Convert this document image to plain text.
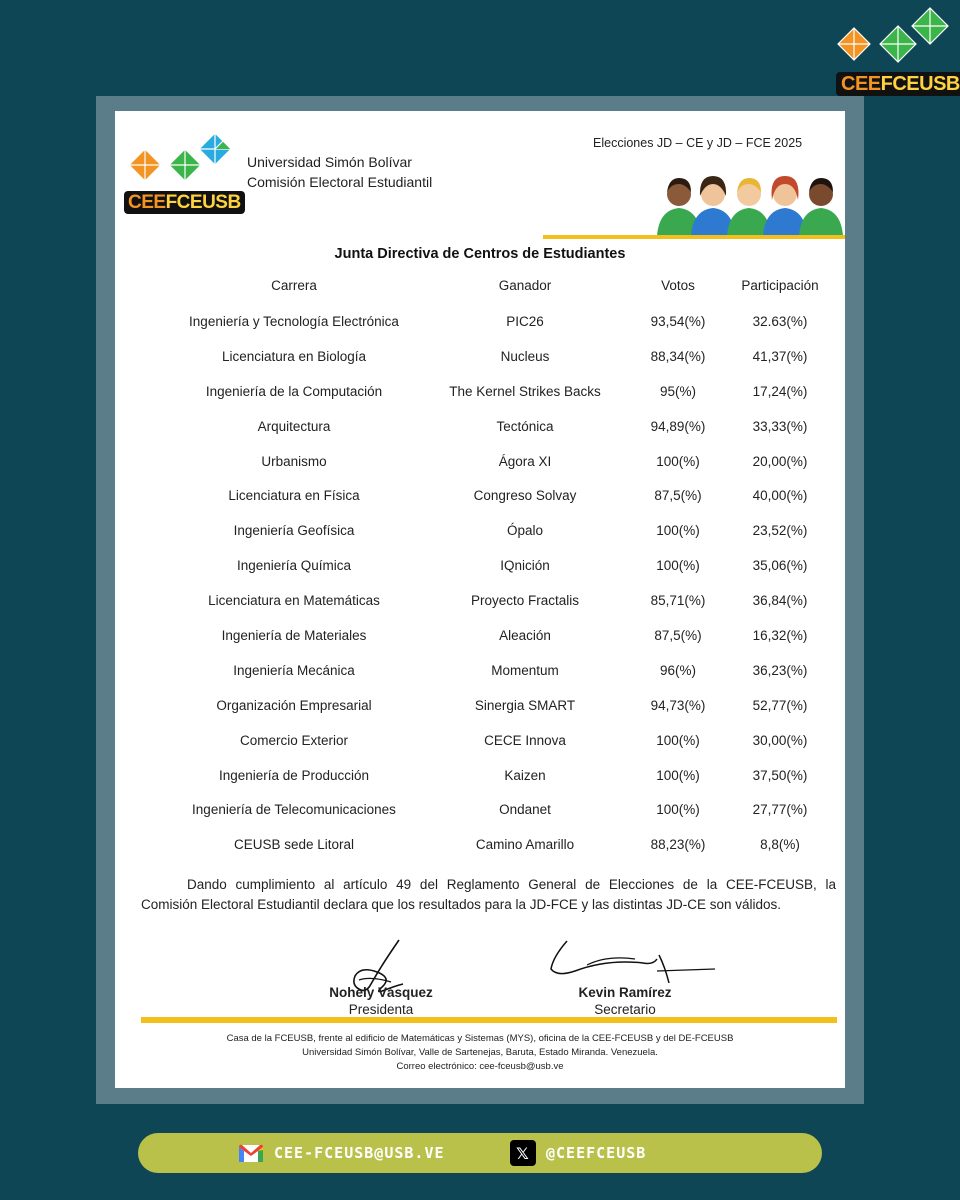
CEEFCEUSB
CEEFCEUSB
Universidad Simón Bolívar
Comisión Electoral Estudiantil
Elecciones JD – CE y JD – FCE 2025
Junta Directiva de Centros de Estudiantes
Carrera	Ganador	Votos	Participación
Ingeniería y Tecnología Electrónica	PIC26	93,54(%)	32.63(%)
Licenciatura en Biología	Nucleus	88,34(%)	41,37(%)
Ingeniería de la Computación	The Kernel Strikes Backs	95(%)	17,24(%)
Arquitectura	Tectónica	94,89(%)	33,33(%)
Urbanismo	Ágora XI	100(%)	20,00(%)
Licenciatura en Física	Congreso Solvay	87,5(%)	40,00(%)
Ingeniería Geofísica	Ópalo	100(%)	23,52(%)
Ingeniería Química	IQnición	100(%)	35,06(%)
Licenciatura en Matemáticas	Proyecto Fractalis	85,71(%)	36,84(%)
Ingeniería de Materiales	Aleación	87,5(%)	16,32(%)
Ingeniería Mecánica	Momentum	96(%)	36,23(%)
Organización Empresarial	Sinergia SMART	94,73(%)	52,77(%)
Comercio Exterior	CECE Innova	100(%)	30,00(%)
Ingeniería de Producción	Kaizen	100(%)	37,50(%)
Ingeniería de Telecomunicaciones	Ondanet	100(%)	27,77(%)
CEUSB sede Litoral	Camino Amarillo	88,23(%)	8,8(%)
Dando cumplimiento al artículo 49 del Reglamento General de Elecciones de la CEE-FCEUSB, la
Comisión Electoral Estudiantil declara que los resultados para la JD-FCE y las distintas JD-CE son válidos.
Nohely Vásquez
Presidenta
Kevin Ramírez
Secretario
Casa de la FCEUSB, frente al edificio de Matemáticas y Sistemas (MYS), oficina de la CEE-FCEUSB y del DE-FCEUSB
Universidad Simón Bolívar, Valle de Sartenejas, Baruta, Estado Miranda. Venezuela.
Correo electrónico: cee-fceusb@usb.ve
CEE-FCEUSB@USB.VE	𝕏	@CEEFCEUSB
